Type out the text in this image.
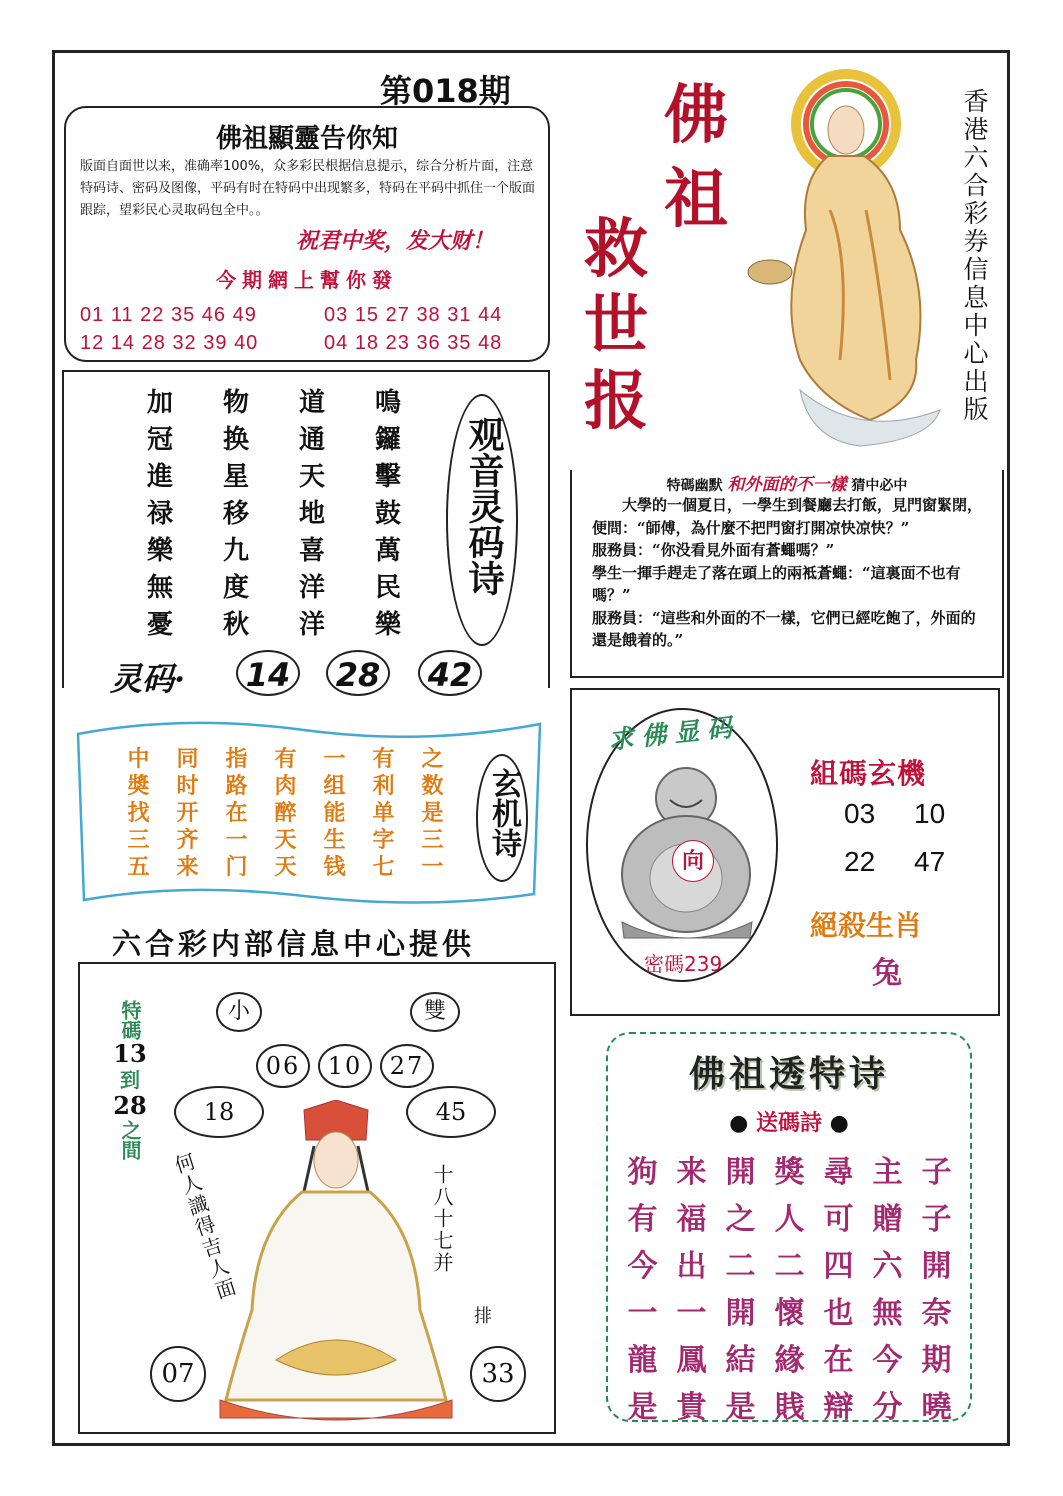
第018期
佛祖顯靈告你知
版面自面世以来，准确率100%，众多彩民根据信息提示，综合分析片面，注意特码诗、密码及图像，平码有时在特码中出现繁多，特码在平码中抓住一个版面跟踪，望彩民心灵取码包全中。。
祝君中奖，发大财！
今期網上幫你發
01 11 22 35 46 49	03 15 27 38 31 44
12 14 28 32 39 40	04 18 23 36 35 48
佛
祖
救
世
报	香港六合彩券信息中心出版
加	物	道	鳴
冠	换	通	鑼
進	星	天	擊
禄	移	地	鼓
樂	九	喜	萬
無	度	洋	民
憂	秋	洋	樂
观音灵码诗
灵码·	14	28	42
特碼幽默 和外面的不一樣 猜中必中

大學的一個夏日，一學生到餐廳去打飯，見門窗緊閉，便問：“師傅，為什麼不把門窗打開凉快凉快？”

服務員：“你没看見外面有蒼蠅嗎？”

學生一揮手趕走了落在頭上的兩袛蒼蠅：“這裏面不也有嗎？”

服務員：“這些和外面的不一樣，它們已經吃飽了，外面的還是餓着的。”

中	同	指	有	一	有	之
奬	时	路	肉	组	利	数
找	开	在	醉	能	单	是
三	齐	一	天	生	字	三
五	来	门	天	钱	七	一
玄机诗
六合彩内部信息中心提供
求佛显码
向
密碼239
組碼玄機
03 10
22 47
絕殺生肖
兔
小	雙
06	10	27
18	45
特碼
13
到
28
之間
何人識得吉人面	十八十七并
排
07	33
佛祖透特诗
● 送碼詩 ●
狗 来 開 獎 尋 主 子
有 福 之 人 可 贈 子
今 出 二 二 四 六 開
一 一 開 懷 也 無 奈
龍 鳳 結 緣 在 今 期
是 貴 是 賎 辯 分 曉
